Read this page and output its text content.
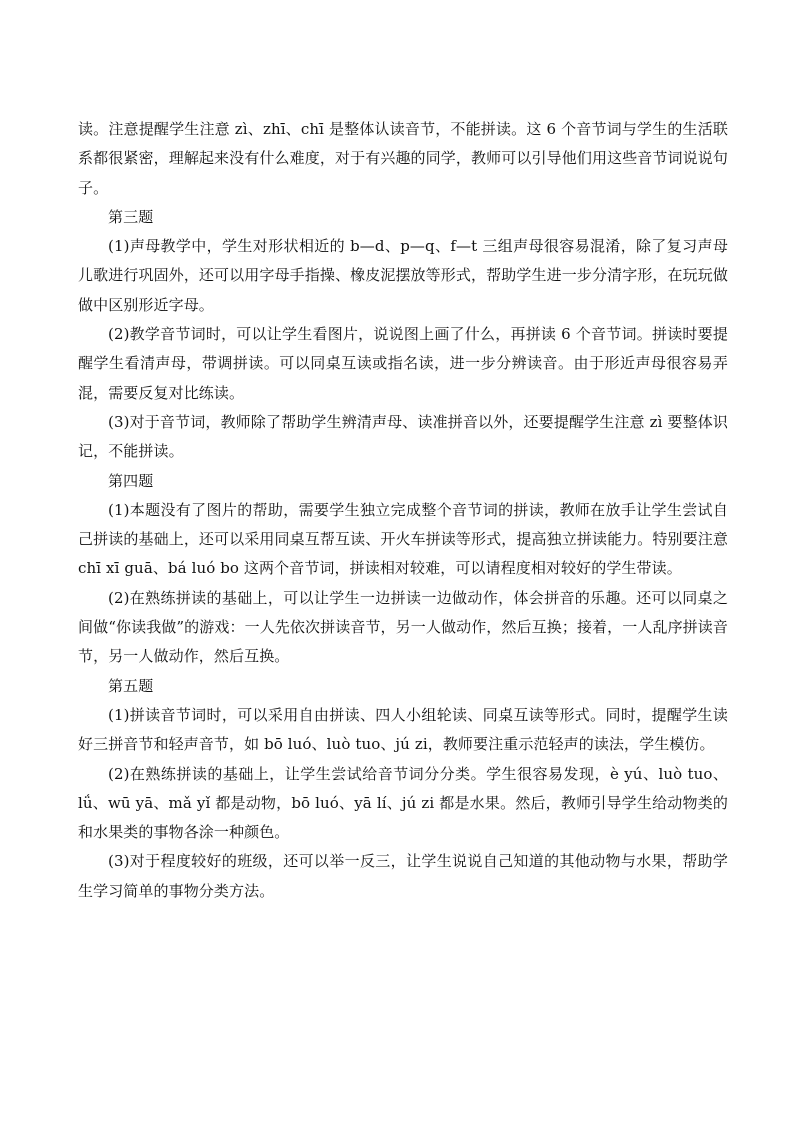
读。注意提醒学生注意 zì、zhī、chī 是整体认读音节，不能拼读。这 6 个音节词与学生的生活联系都很紧密，理解起来没有什么难度，对于有兴趣的同学，教师可以引导他们用这些音节词说说句子。

第三题

(1)声母教学中，学生对形状相近的 b—d、p—q、f—t 三组声母很容易混淆，除了复习声母儿歌进行巩固外，还可以用字母手指操、橡皮泥摆放等形式，帮助学生进一步分清字形，在玩玩做做中区别形近字母。

(2)教学音节词时，可以让学生看图片，说说图上画了什么，再拼读 6 个音节词。拼读时要提醒学生看清声母，带调拼读。可以同桌互读或指名读，进一步分辨读音。由于形近声母很容易弄混，需要反复对比练读。

(3)对于音节词，教师除了帮助学生辨清声母、读准拼音以外，还要提醒学生注意 zì 要整体识记，不能拼读。

第四题

(1)本题没有了图片的帮助，需要学生独立完成整个音节词的拼读，教师在放手让学生尝试自己拼读的基础上，还可以采用同桌互帮互读、开火车拼读等形式，提高独立拼读能力。特别要注意 chī xī guā、bá luó bo 这两个音节词，拼读相对较难，可以请程度相对较好的学生带读。

(2)在熟练拼读的基础上，可以让学生一边拼读一边做动作，体会拼音的乐趣。还可以同桌之间做“你读我做”的游戏：一人先依次拼读音节，另一人做动作，然后互换；接着，一人乱序拼读音节，另一人做动作，然后互换。

第五题

(1)拼读音节词时，可以采用自由拼读、四人小组轮读、同桌互读等形式。同时，提醒学生读好三拼音节和轻声音节，如 bō luó、luò tuo、jú zi，教师要注重示范轻声的读法，学生模仿。

(2)在熟练拼读的基础上，让学生尝试给音节词分分类。学生很容易发现，è yú、luò tuo、lǘ、wū yā、mǎ yǐ 都是动物，bō luó、yā lí、jú zi 都是水果。然后，教师引导学生给动物类的和水果类的事物各涂一种颜色。

(3)对于程度较好的班级，还可以举一反三，让学生说说自己知道的其他动物与水果，帮助学生学习简单的事物分类方法。
